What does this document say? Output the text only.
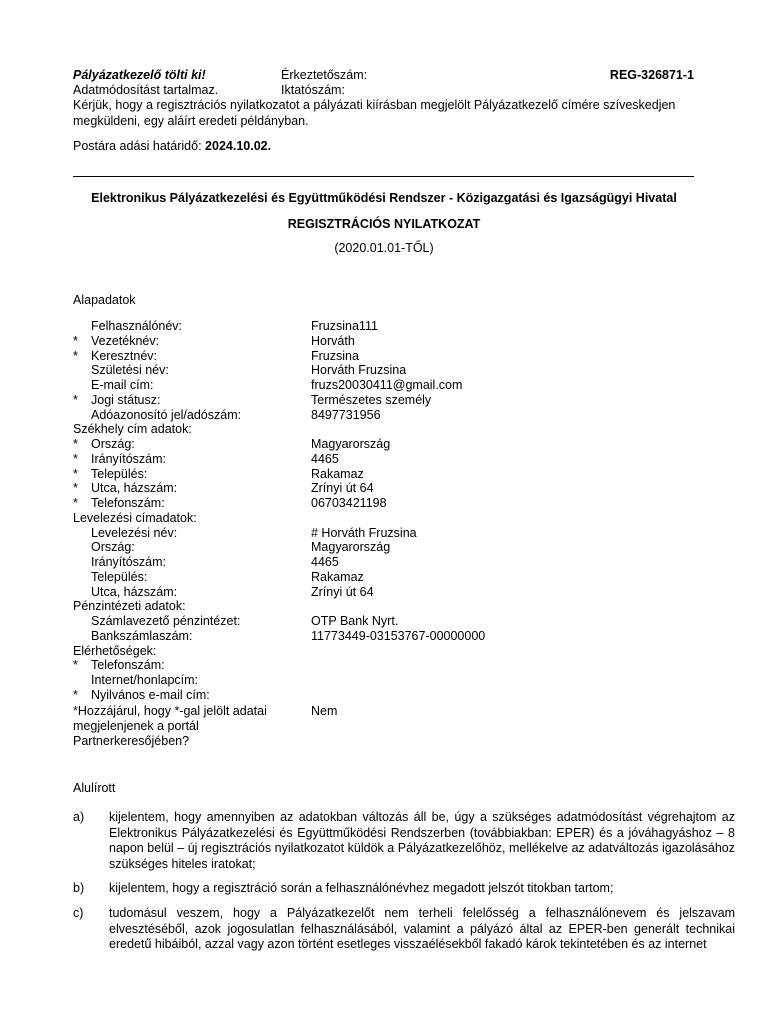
Pályázatkezelő tölti ki!	Érkeztetőszám:	REG-326871-1
Adatmódosítást tartalmaz.	Iktatószám:
Kérjük, hogy a regisztrációs nyilatkozatot a pályázati kiírásban megjelölt Pályázatkezelő címére szíveskedjen megküldeni, egy aláírt eredeti példányban.
Postára adási határidő: 2024.10.02.
Elektronikus Pályázatkezelési és Együttműködési Rendszer - Közigazgatási és Igazságügyi Hivatal
REGISZTRÁCIÓS NYILATKOZAT
(2020.01.01-TŐL)
Alapadatok
Felhasználónév:	Fruzsina111
* Vezetéknév:	Horváth
* Keresztnév:	Fruzsina
Születési név:	Horváth Fruzsina
E-mail cím:	fruzs20030411@gmail.com
* Jogi státusz:	Természetes személy
Adóazonosító jel/adószám:	8497731956
Székhely cím adatok:
* Ország:	Magyarország
* Irányítószám:	4465
* Település:	Rakamaz
* Utca, házszám:	Zrínyi út 64
* Telefonszám:	06703421198
Levelezési címadatok:
Levelezési név:	# Horváth Fruzsina
Ország:	Magyarország
Irányítószám:	4465
Település:	Rakamaz
Utca, házszám:	Zrínyi út 64
Pénzintézeti adatok:
Számlavezető pénzintézet:	OTP Bank Nyrt.
Bankszámlaszám:	11773449-03153767-00000000
Elérhetőségek:
* Telefonszám:
Internet/honlapcím:
* Nyilvános e-mail cím:
*Hozzájárul, hogy *-gal jelölt adatai
megjelenjenek a portál
Partnerkeresőjében?
Nem
Alulírott
a) kijelentem, hogy amennyiben az adatokban változás áll be, úgy a szükséges adatmódosítást végrehajtom az Elektronikus Pályázatkezelési és Együttműködési Rendszerben (továbbiakban: EPER) és a jóváhagyáshoz – 8 napon belül – új regisztrációs nyilatkozatot küldök a Pályázatkezelőhöz, mellékelve az adatváltozás igazolásához szükséges hiteles iratokat;
b) kijelentem, hogy a regisztráció során a felhasználónévhez megadott jelszót titokban tartom;
c) tudomásul veszem, hogy a Pályázatkezelőt nem terheli felelősség a felhasználónevem és jelszavam elvesztéséből, azok jogosulatlan felhasználásából, valamint a pályázó által az EPER-ben generált technikai eredetű hibáiból, azzal vagy azon történt esetleges visszaélésekből fakadó károk tekintetében és az internet
